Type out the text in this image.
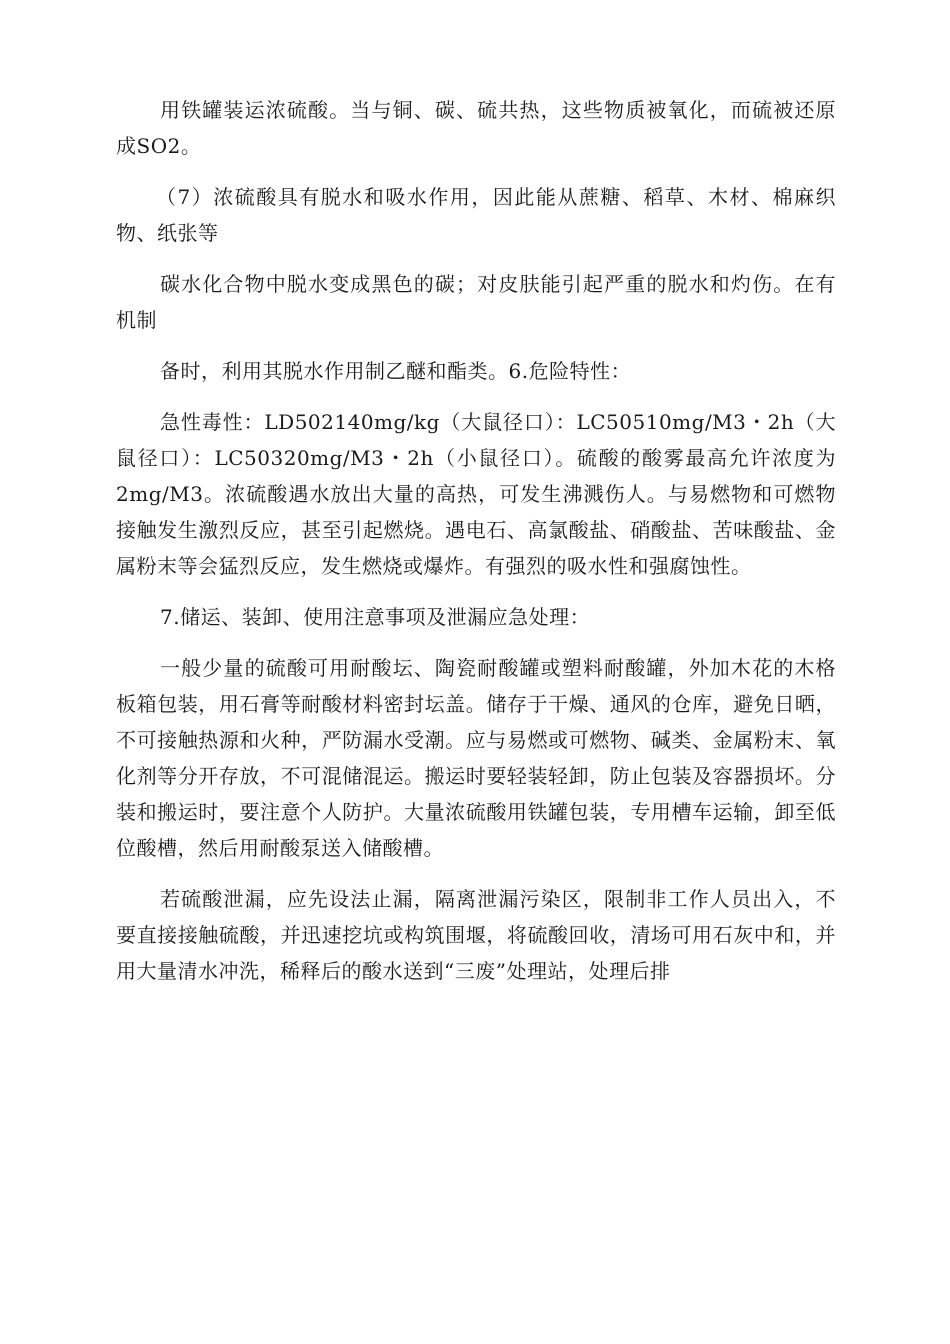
用铁罐装运浓硫酸。当与铜、碳、硫共热，这些物质被氧化，而硫被还原成SO2。

（7）浓硫酸具有脱水和吸水作用，因此能从蔗糖、稻草、木材、棉麻织物、纸张等

碳水化合物中脱水变成黑色的碳；对皮肤能引起严重的脱水和灼伤。在有机制

备时，利用其脱水作用制乙醚和酯类。6.危险特性：

急性毒性：LD502140mg/kg（大鼠径口）：LC50510mg/M3・2h（大鼠径口）：LC50320mg/M3・2h（小鼠径口）。硫酸的酸雾最高允许浓度为2mg/M3。浓硫酸遇水放出大量的高热，可发生沸溅伤人。与易燃物和可燃物接触发生激烈反应，甚至引起燃烧。遇电石、高氯酸盐、硝酸盐、苦味酸盐、金属粉末等会猛烈反应，发生燃烧或爆炸。有强烈的吸水性和强腐蚀性。

7.储运、装卸、使用注意事项及泄漏应急处理：

一般少量的硫酸可用耐酸坛、陶瓷耐酸罐或塑料耐酸罐，外加木花的木格板箱包装，用石膏等耐酸材料密封坛盖。储存于干燥、通风的仓库，避免日晒，不可接触热源和火种，严防漏水受潮。应与易燃或可燃物、碱类、金属粉末、氧化剂等分开存放，不可混储混运。搬运时要轻装轻卸，防止包装及容器损坏。分装和搬运时，要注意个人防护。大量浓硫酸用铁罐包装，专用槽车运输，卸至低位酸槽，然后用耐酸泵送入储酸槽。

若硫酸泄漏，应先设法止漏，隔离泄漏污染区，限制非工作人员出入，不要直接接触硫酸，并迅速挖坑或构筑围堰，将硫酸回收，清场可用石灰中和，并用大量清水冲洗，稀释后的酸水送到“三废”处理站，处理后排
